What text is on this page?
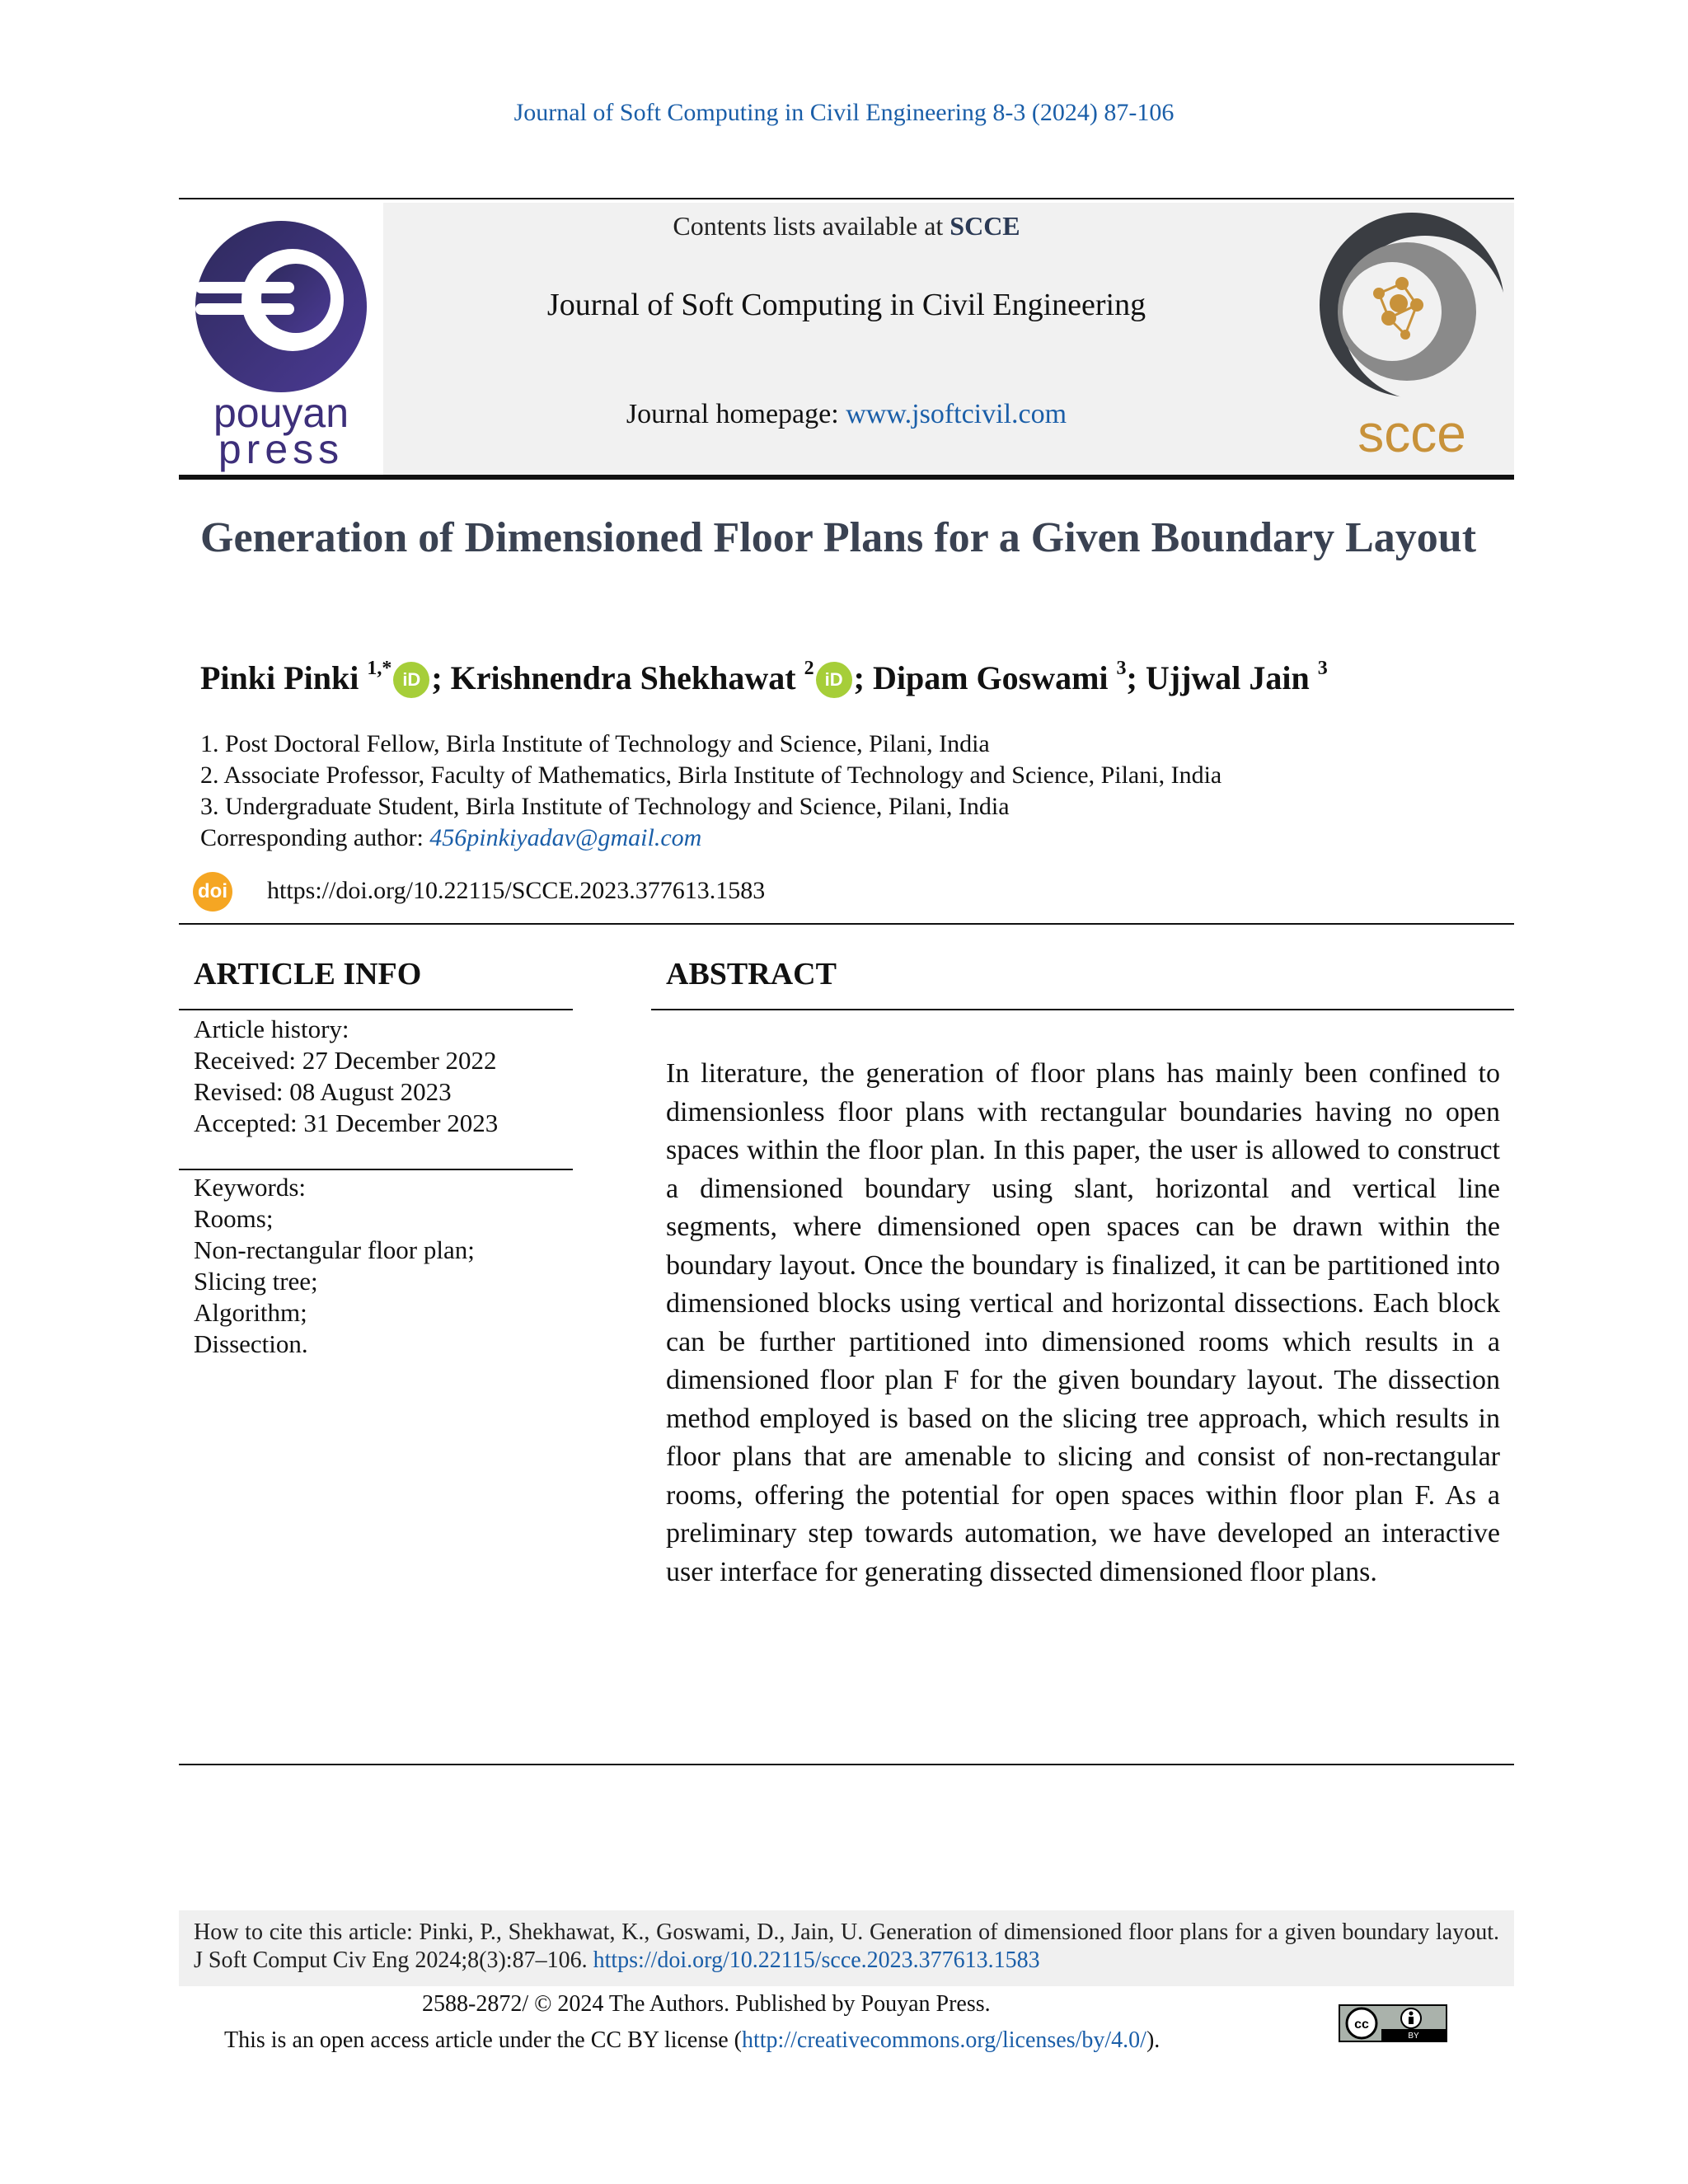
Journal of Soft Computing in Civil Engineering 8-3 (2024) 87-106
pouyan
press
Contents lists available at SCCE
Journal of Soft Computing in Civil Engineering
Journal homepage: www.jsoftcivil.com	scce
Generation of Dimensioned Floor Plans for a Given Boundary Layout
Pinki Pinki $^{1,*}$iD ; Krishnendra Shekhawat $^2$iD ; Dipam Goswami $^3$; Ujjwal Jain $^3$
1. Post Doctoral Fellow, Birla Institute of Technology and Science, Pilani, India
2. Associate Professor, Faculty of Mathematics, Birla Institute of Technology and Science, Pilani, India
3. Undergraduate Student, Birla Institute of Technology and Science, Pilani, India
Corresponding author: 456pinkiyadav@gmail.com
doi https://doi.org/10.22115/SCCE.2023.377613.1583
ARTICLE INFO
Article history:
Received: 27 December 2022
Revised: 08 August 2023
Accepted: 31 December 2023
Keywords:
Rooms;
Non-rectangular floor plan;
Slicing tree;
Algorithm;
Dissection.
ABSTRACT
In literature, the generation of floor plans has mainly been confined to dimensionless floor plans with rectangular boundaries having no open spaces within the floor plan. In this paper, the user is allowed to construct a dimensioned boundary using slant, horizontal and vertical line segments, where dimensioned open spaces can be drawn within the boundary layout. Once the boundary is finalized, it can be partitioned into dimensioned blocks using vertical and horizontal dissections. Each block can be further partitioned into dimensioned rooms which results in a dimensioned floor plan F for the given boundary layout. The dissection method employed is based on the slicing tree approach, which results in floor plans that are amenable to slicing and consist of non-rectangular rooms, offering the potential for open spaces within floor plan F. As a preliminary step towards automation, we have developed an interactive user interface for generating dissected dimensioned floor plans.

How to cite this article: Pinki, P., Shekhawat, K., Goswami, D., Jain, U. Generation of dimensioned floor plans for a given boundary layout. J Soft Comput Civ Eng 2024;8(3):87–106. https://doi.org/10.22115/scce.2023.377613.1583

2588-2872/ © 2024 The Authors. Published by Pouyan Press.
This is an open access article under the CC BY license (http://creativecommons.org/licenses/by/4.0/).
cc
BY
